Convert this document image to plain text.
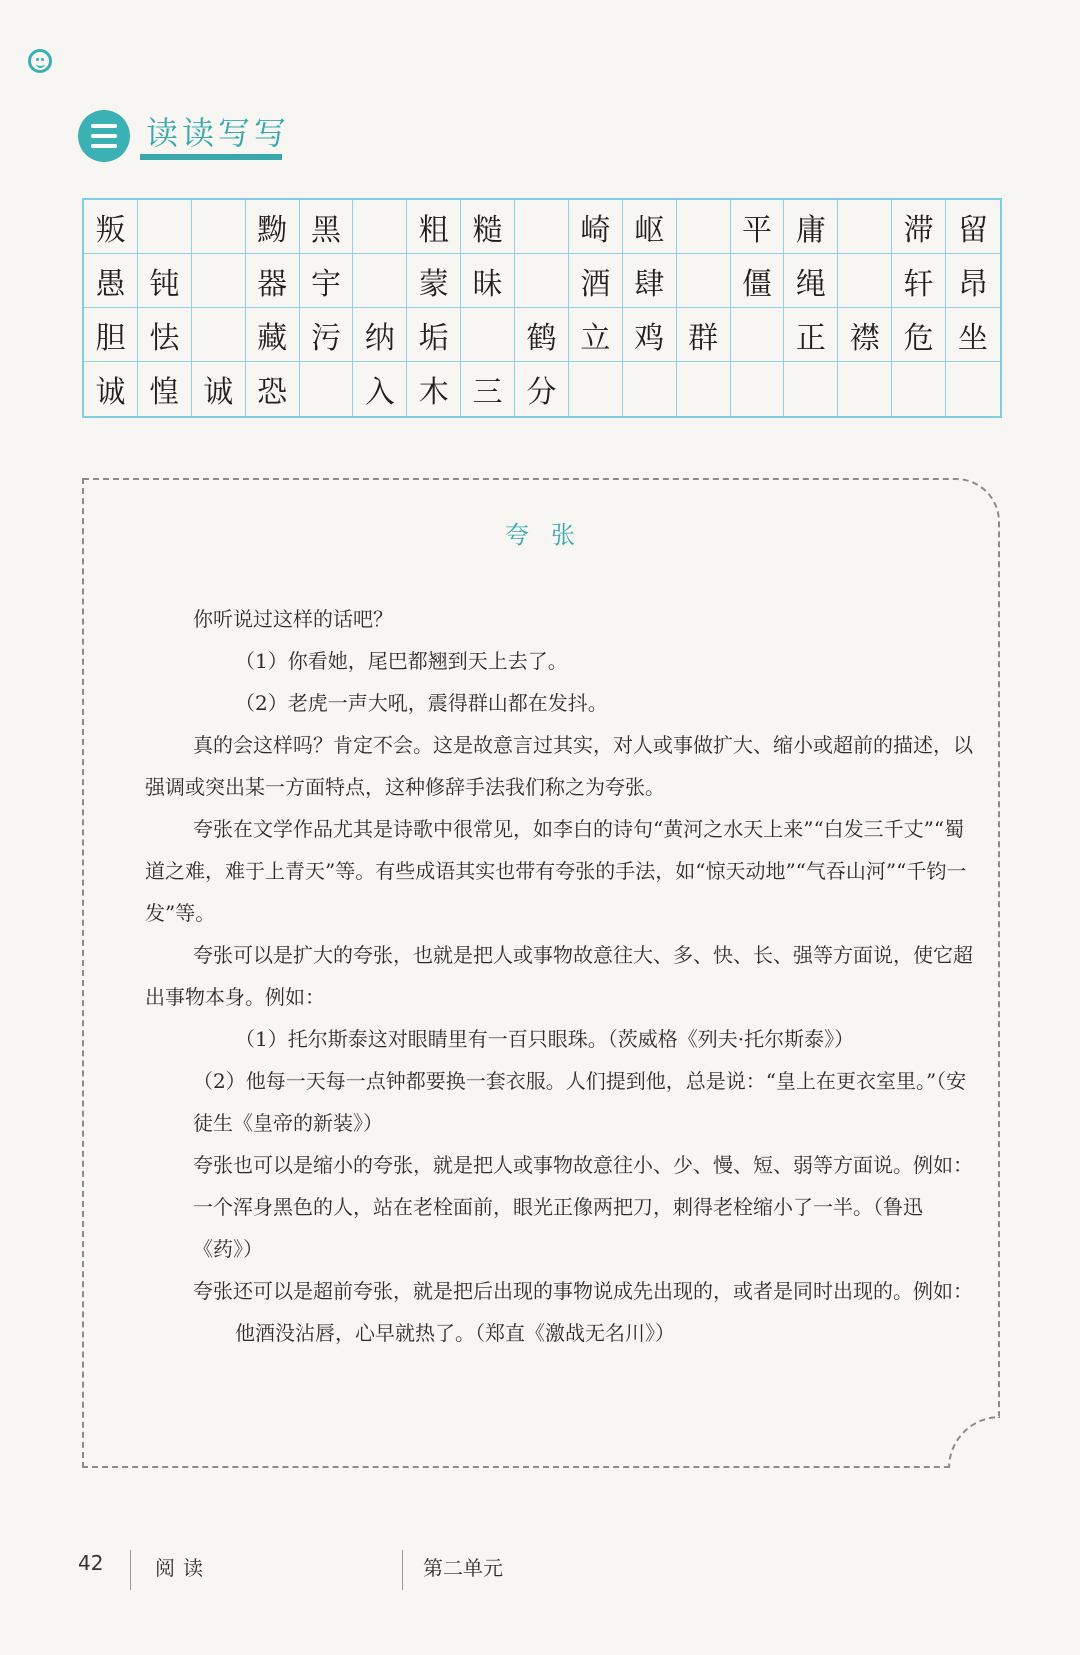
读读写写
叛	黝 黑	粗 糙	崎 岖	平 庸	滞 留
愚 钝	器 宇	蒙 昧	酒 肆	僵 绳	轩 昂
胆 怯	藏 污 纳 垢	鹤 立 鸡 群	正 襟 危 坐
诚 惶 诚 恐	入 木 三 分
夸张

你听说过这样的话吧？

（1）你看她，尾巴都翘到天上去了。

（2）老虎一声大吼，震得群山都在发抖。

真的会这样吗？肯定不会。这是故意言过其实，对人或事做扩大、缩小或超前的描述，以强调或突出某一方面特点，这种修辞手法我们称之为夸张。

夸张在文学作品尤其是诗歌中很常见，如李白的诗句“黄河之水天上来”“白发三千丈”“蜀道之难，难于上青天”等。有些成语其实也带有夸张的手法，如“惊天动地”“气吞山河”“千钧一发”等。

夸张可以是扩大的夸张，也就是把人或事物故意往大、多、快、长、强等方面说，使它超出事物本身。例如：

（1）托尔斯泰这对眼睛里有一百只眼珠。（茨威格《列夫·托尔斯泰》）

（2）他每一天每一点钟都要换一套衣服。人们提到他，总是说：“皇上在更衣室里。”（安徒生《皇帝的新装》）

夸张也可以是缩小的夸张，就是把人或事物故意往小、少、慢、短、弱等方面说。例如：

一个浑身黑色的人，站在老栓面前，眼光正像两把刀，刺得老栓缩小了一半。（鲁迅《药》）

夸张还可以是超前夸张，就是把后出现的事物说成先出现的，或者是同时出现的。例如：

他酒没沾唇，心早就热了。（郑直《激战无名川》）

42	阅读	第二单元
